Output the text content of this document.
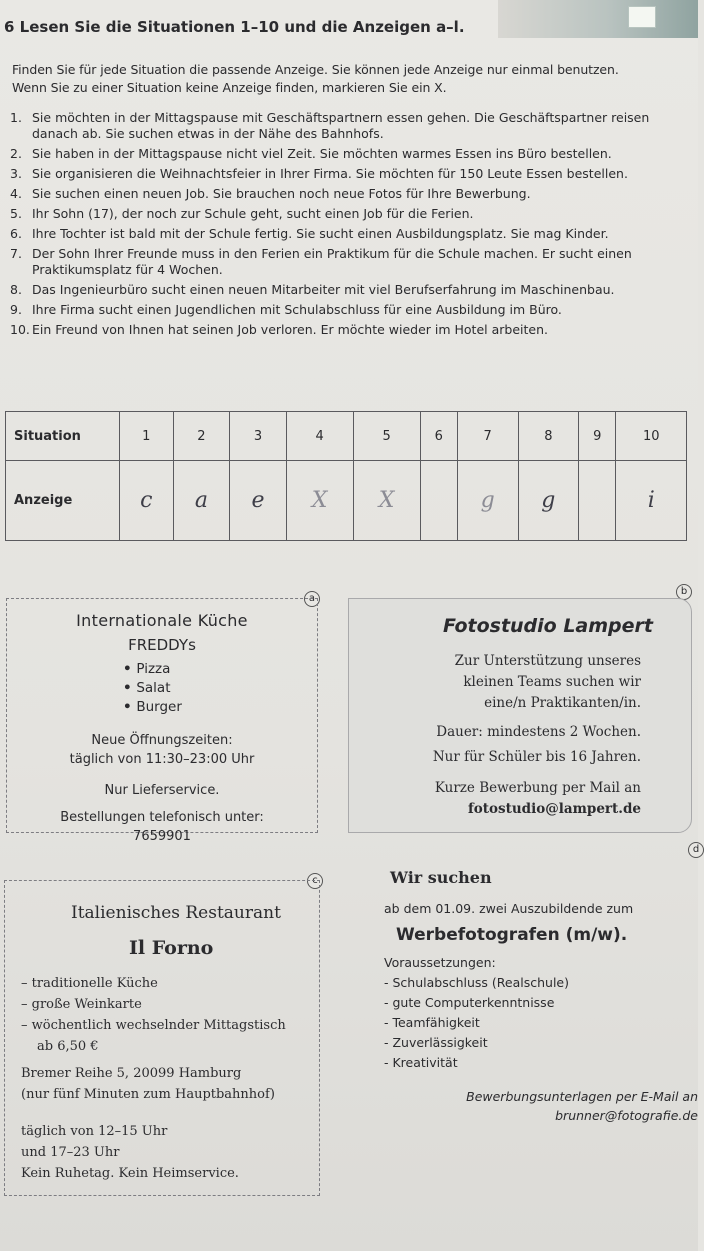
6 Lesen Sie die Situationen 1–10 und die Anzeigen a–l.
Finden Sie für jede Situation die passende Anzeige. Sie können jede Anzeige nur einmal benutzen.
Wenn Sie zu einer Situation keine Anzeige finden, markieren Sie ein X.
1. Sie möchten in der Mittagspause mit Geschäftspartnern essen gehen. Die Geschäftspartner reisen danach ab. Sie suchen etwas in der Nähe des Bahnhofs.
2. Sie haben in der Mittagspause nicht viel Zeit. Sie möchten warmes Essen ins Büro bestellen.
3. Sie organisieren die Weihnachtsfeier in Ihrer Firma. Sie möchten für 150 Leute Essen bestellen.
4. Sie suchen einen neuen Job. Sie brauchen noch neue Fotos für Ihre Bewerbung.
5. Ihr Sohn (17), der noch zur Schule geht, sucht einen Job für die Ferien.
6. Ihre Tochter ist bald mit der Schule fertig. Sie sucht einen Ausbildungsplatz. Sie mag Kinder.
7. Der Sohn Ihrer Freunde muss in den Ferien ein Praktikum für die Schule machen. Er sucht einen Praktikumsplatz für 4 Wochen.
8. Das Ingenieurbüro sucht einen neuen Mitarbeiter mit viel Berufserfahrung im Maschinenbau.
9. Ihre Firma sucht einen Jugendlichen mit Schulabschluss für eine Ausbildung im Büro.
10. Ein Freund von Ihnen hat seinen Job verloren. Er möchte wieder im Hotel arbeiten.
Situation	1	2	3	4	5	6	7	8	9	10
Anzeige	c	a	e	X	X		g	g		i
a
Internationale Küche
FREDDYs
• Pizza
• Salat
• Burger
Neue Öffnungszeiten:
täglich von 11:30–23:00 Uhr
Nur Lieferservice.
Bestellungen telefonisch unter:
7659901
b
Fotostudio Lampert
Zur Unterstützung unseres
kleinen Teams suchen wir
eine/n Praktikanten/in.
Dauer: mindestens 2 Wochen.
Nur für Schüler bis 16 Jahren.
Kurze Bewerbung per Mail an
fotostudio@lampert.de
c
Italienisches Restaurant
Il Forno
– traditionelle Küche
– große Weinkarte
– wöchentlich wechselnder Mittagstisch
ab 6,50 €
Bremer Reihe 5, 20099 Hamburg
(nur fünf Minuten zum Hauptbahnhof)
täglich von 12–15 Uhr
und 17–23 Uhr
Kein Ruhetag. Kein Heimservice.
d
Wir suchen
ab dem 01.09. zwei Auszubildende zum
Werbefotografen (m/w).
Voraussetzungen:
- Schulabschluss (Realschule)
- gute Computerkenntnisse
- Teamfähigkeit
- Zuverlässigkeit
- Kreativität
Bewerbungsunterlagen per E-Mail an
brunner@fotografie.de
